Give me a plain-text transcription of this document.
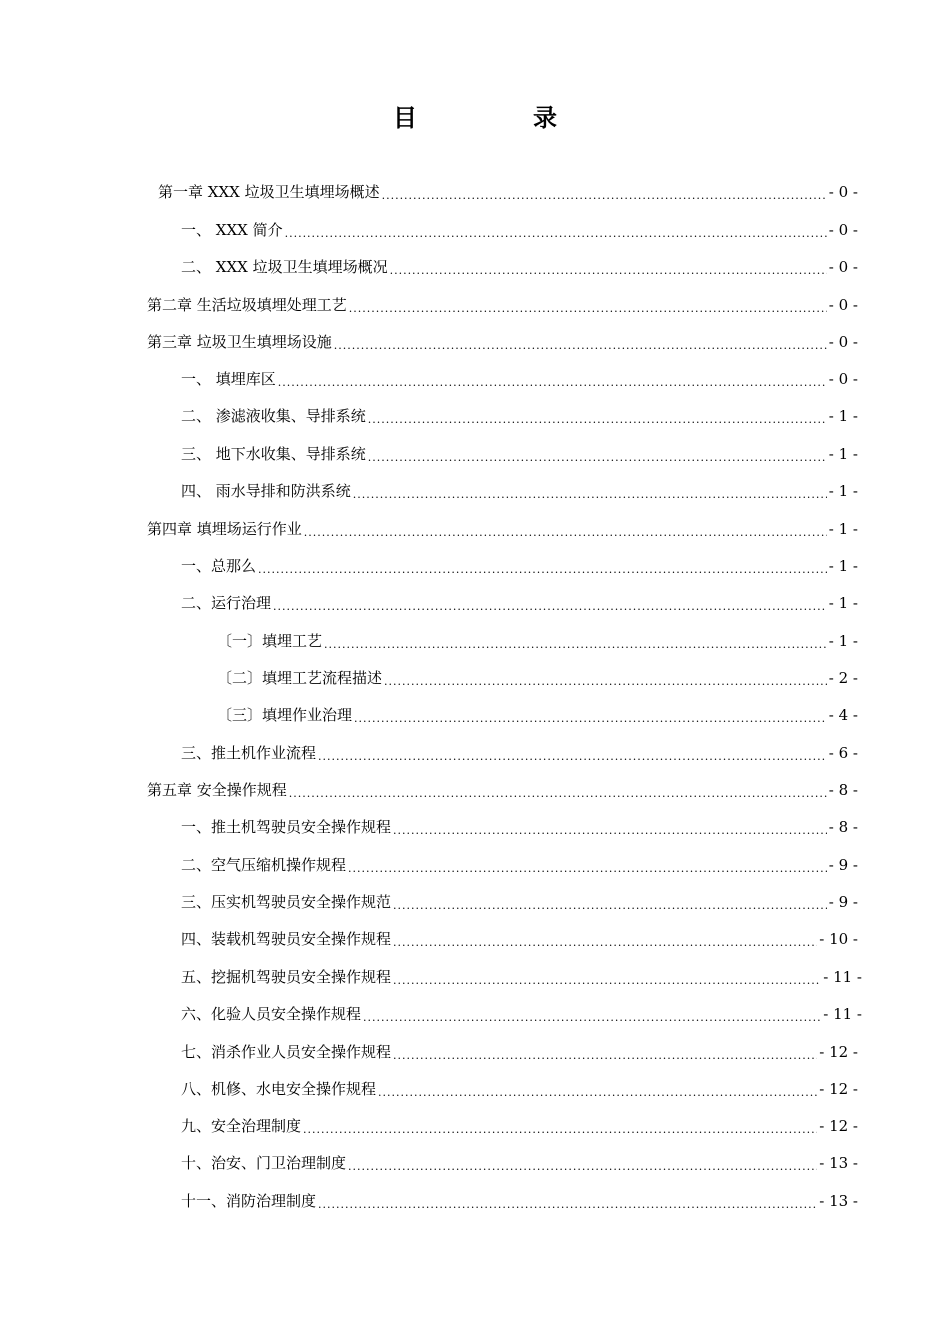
目　录
第一章 XXX 垃圾卫生填埋场概述 .....	- 0 -
一、 XXX 简介 .....	- 0 -
二、 XXX 垃圾卫生填埋场概况 .....	- 0 -
第二章 生活垃圾填埋处理工艺 .....	- 0 -
第三章 垃圾卫生填埋场设施 .....	- 0 -
一、 填埋库区 .....	- 0 -
二、 渗滤液收集、导排系统 .....	- 1 -
三、 地下水收集、导排系统 .....	- 1 -
四、 雨水导排和防洪系统 .....	- 1 -
第四章 填埋场运行作业 .....	- 1 -
一、总那么 .....	- 1 -
二、运行治理 .....	- 1 -
〔一〕填埋工艺 .....	- 1 -
〔二〕填埋工艺流程描述 .....	- 2 -
〔三〕填埋作业治理 .....	- 4 -
三、推土机作业流程 .....	- 6 -
第五章 安全操作规程 .....	- 8 -
一、推土机驾驶员安全操作规程 .....	- 8 -
二、空气压缩机操作规程 .....	- 9 -
三、压实机驾驶员安全操作规范 .....	- 9 -
四、装载机驾驶员安全操作规程 .....	- 10 -
五、挖掘机驾驶员安全操作规程 .....	- 11 -
六、化验人员安全操作规程 .....	- 11 -
七、消杀作业人员安全操作规程 .....	- 12 -
八、机修、水电安全操作规程 .....	- 12 -
九、安全治理制度 .....	- 12 -
十、治安、门卫治理制度 .....	- 13 -
十一、消防治理制度 .....	- 13 -
